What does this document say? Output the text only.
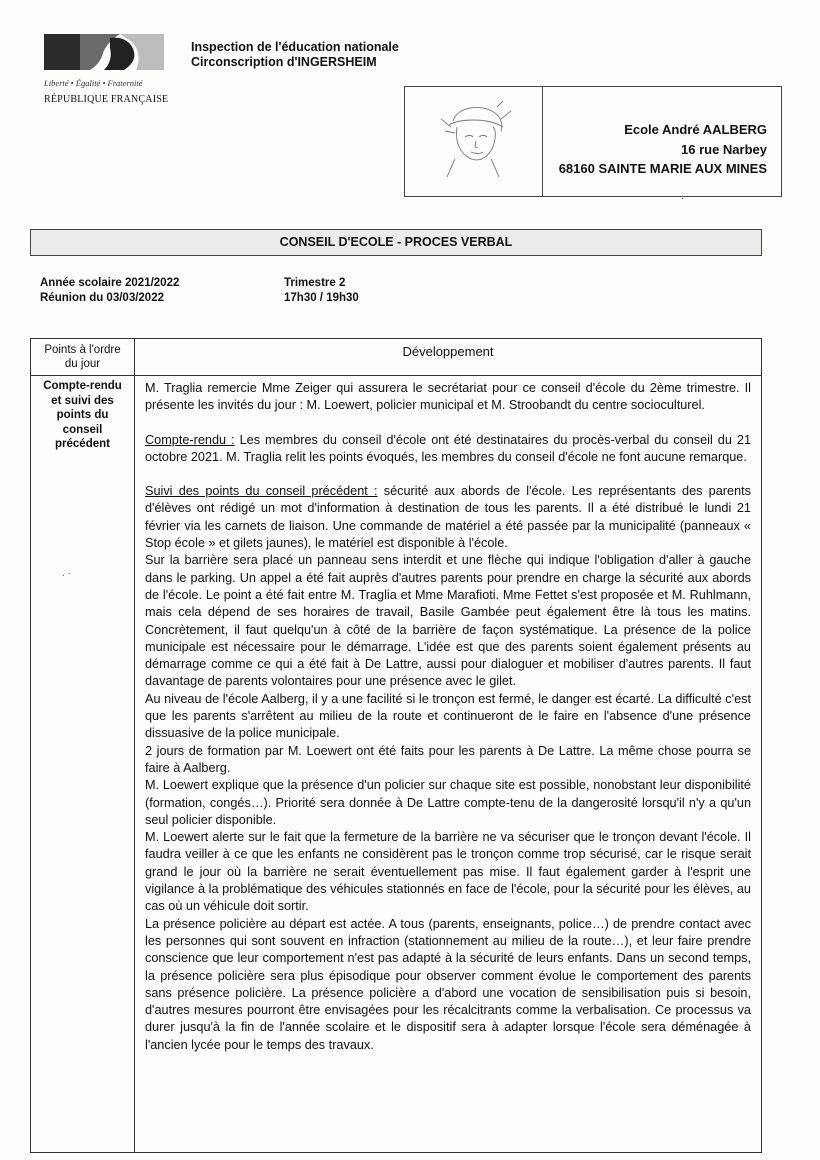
Liberté • Égalité • Fraternité
RÉPUBLIQUE FRANÇAISE
Inspection de l'éducation nationale
Circonscription d'INGERSHEIM
Ecole André AALBERG
16 rue Narbey
68160 SAINTE MARIE AUX MINES
.
CONSEIL D'ECOLE - PROCES VERBAL
Année scolaire 2021/2022
Réunion du 03/03/2022
Trimestre 2
17h30 / 19h30
Points à l'ordre
du jour
Développement
Compte-rendu
et suivi des
points du
conseil
précédent

M. Traglia remercie Mme Zeiger qui assurera le secrétariat pour ce conseil d'école du 2ème trimestre. Il présente les invités du jour : M. Loewert, policier municipal et M. Stroobandt du centre socioculturel.

Compte-rendu : Les membres du conseil d'école ont été destinataires du procès-verbal du conseil du 21 octobre 2021. M. Traglia relit les points évoqués, les membres du conseil d'école ne font aucune remarque.

Suivi des points du conseil précédent : sécurité aux abords de l'école. Les représentants des parents d'élèves ont rédigé un mot d'information à destination de tous les parents. Il a été distribué le lundi 21 février via les carnets de liaison. Une commande de matériel a été passée par la municipalité (panneaux « Stop école » et gilets jaunes), le matériel est disponible à l'école.

Sur la barrière sera placé un panneau sens interdit et une flèche qui indique l'obligation d'aller à gauche dans le parking. Un appel a été fait auprès d'autres parents pour prendre en charge la sécurité aux abords de l'école. Le point a été fait entre M. Traglia et Mme Marafioti. Mme Fettet s'est proposée et M. Ruhlmann, mais cela dépend de ses horaires de travail, Basile Gambée peut également être là tous les matins. Concrètement, il faut quelqu'un à côté de la barrière de façon systématique. La présence de la police municipale est nécessaire pour le démarrage. L'idée est que des parents soient également présents au démarrage comme ce qui a été fait à De Lattre, aussi pour dialoguer et mobiliser d'autres parents. Il faut davantage de parents volontaires pour une présence avec le gilet.

Au niveau de l'école Aalberg, il y a une facilité si le tronçon est fermé, le danger est écarté. La difficulté c'est que les parents s'arrêtent au milieu de la route et continueront de le faire en l'absence d'une présence dissuasive de la police municipale.

2 jours de formation par M. Loewert ont été faits pour les parents à De Lattre. La même chose pourra se faire à Aalberg.

M. Loewert explique que la présence d'un policier sur chaque site est possible, nonobstant leur disponibilité (formation, congés…). Priorité sera donnée à De Lattre compte-tenu de la dangerosité lorsqu'il n'y a qu'un seul policier disponible.

M. Loewert alerte sur le fait que la fermeture de la barrière ne va sécuriser que le tronçon devant l'école. Il faudra veiller à ce que les enfants ne considèrent pas le tronçon comme trop sécurisé, car le risque serait grand le jour où la barrière ne serait éventuellement pas mise. Il faut également garder à l'esprit une vigilance à la problématique des véhicules stationnés en face de l'école, pour la sécurité pour les élèves, au cas où un véhicule doit sortir.

La présence policière au départ est actée. A tous (parents, enseignants, police…) de prendre contact avec les personnes qui sont souvent en infraction (stationnement au milieu de la route…), et leur faire prendre conscience que leur comportement n'est pas adapté à la sécurité de leurs enfants. Dans un second temps, la présence policière sera plus épisodique pour observer comment évolue le comportement des parents sans présence policière. La présence policière a d'abord une vocation de sensibilisation puis si besoin, d'autres mesures pourront être envisagées pour les récalcitrants comme la verbalisation. Ce processus va durer jusqu'à la fin de l'année scolaire et le dispositif sera à adapter lorsque l'école sera déménagée à l'ancien lycée pour le temps des travaux.

. ·
